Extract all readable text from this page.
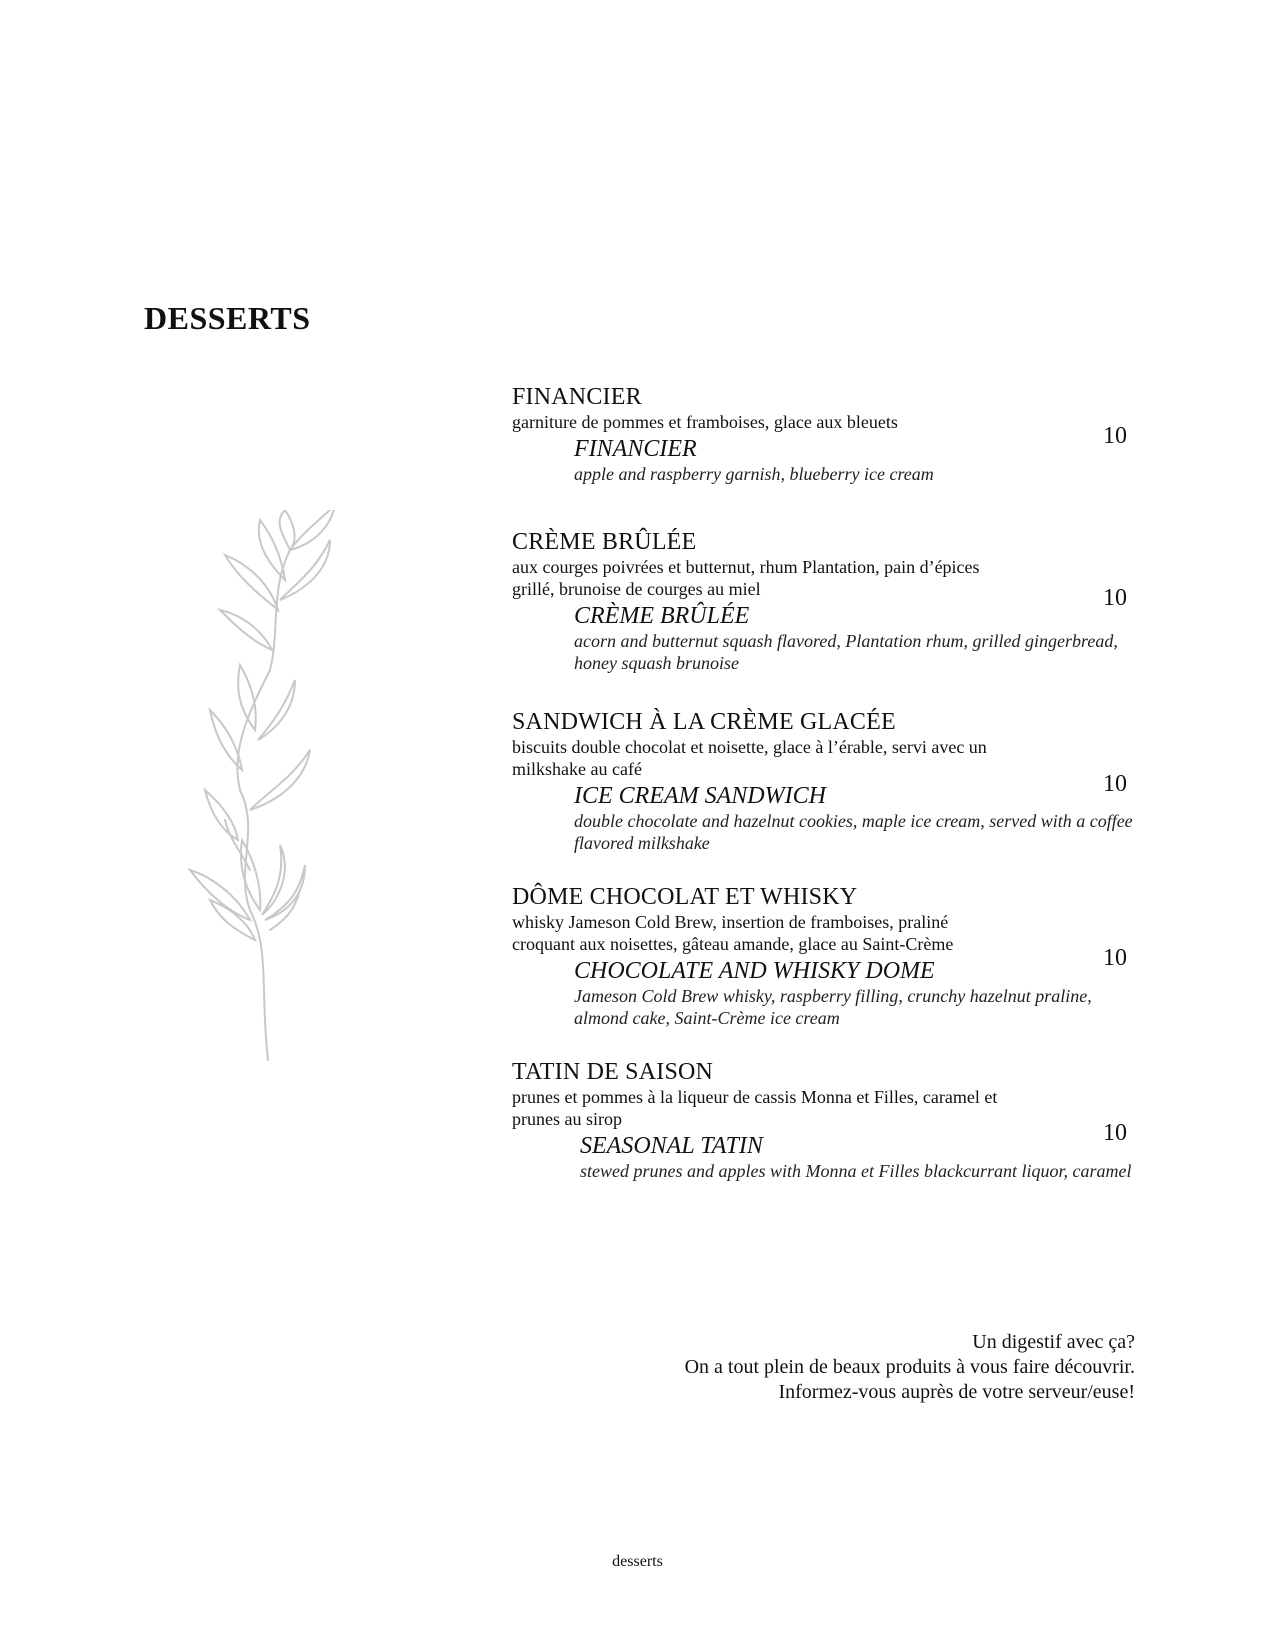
DESSERTS
FINANCIER
garniture de pommes et framboises, glace aux bleuets
FINANCIER
apple and raspberry garnish, blueberry ice cream
10
CRÈME BRÛLÉE
aux courges poivrées et butternut, rhum Plantation, pain d’épices grillé, brunoise de courges au miel
CRÈME BRÛLÉE
acorn and butternut squash flavored, Plantation rhum, grilled gingerbread, honey squash brunoise
10
SANDWICH À LA CRÈME GLACÉE
biscuits double chocolat et noisette, glace à l’érable, servi avec un milkshake au café
ICE CREAM SANDWICH
double chocolate and hazelnut cookies, maple ice cream, served with a coffee flavored milkshake
10
DÔME CHOCOLAT ET WHISKY
whisky Jameson Cold Brew, insertion de framboises, praliné croquant aux noisettes, gâteau amande, glace au Saint-Crème
CHOCOLATE AND WHISKY DOME
Jameson Cold Brew whisky, raspberry filling, crunchy hazelnut praline, almond cake, Saint-Crème ice cream
10
TATIN DE SAISON
prunes et pommes à la liqueur de cassis Monna et Filles, caramel et prunes au sirop
SEASONAL TATIN
stewed prunes and apples with Monna et Filles blackcurrant liquor, caramel
10
Un digestif avec ça?
On a tout plein de beaux produits à vous faire découvrir.
Informez-vous auprès de votre serveur/euse!
desserts
